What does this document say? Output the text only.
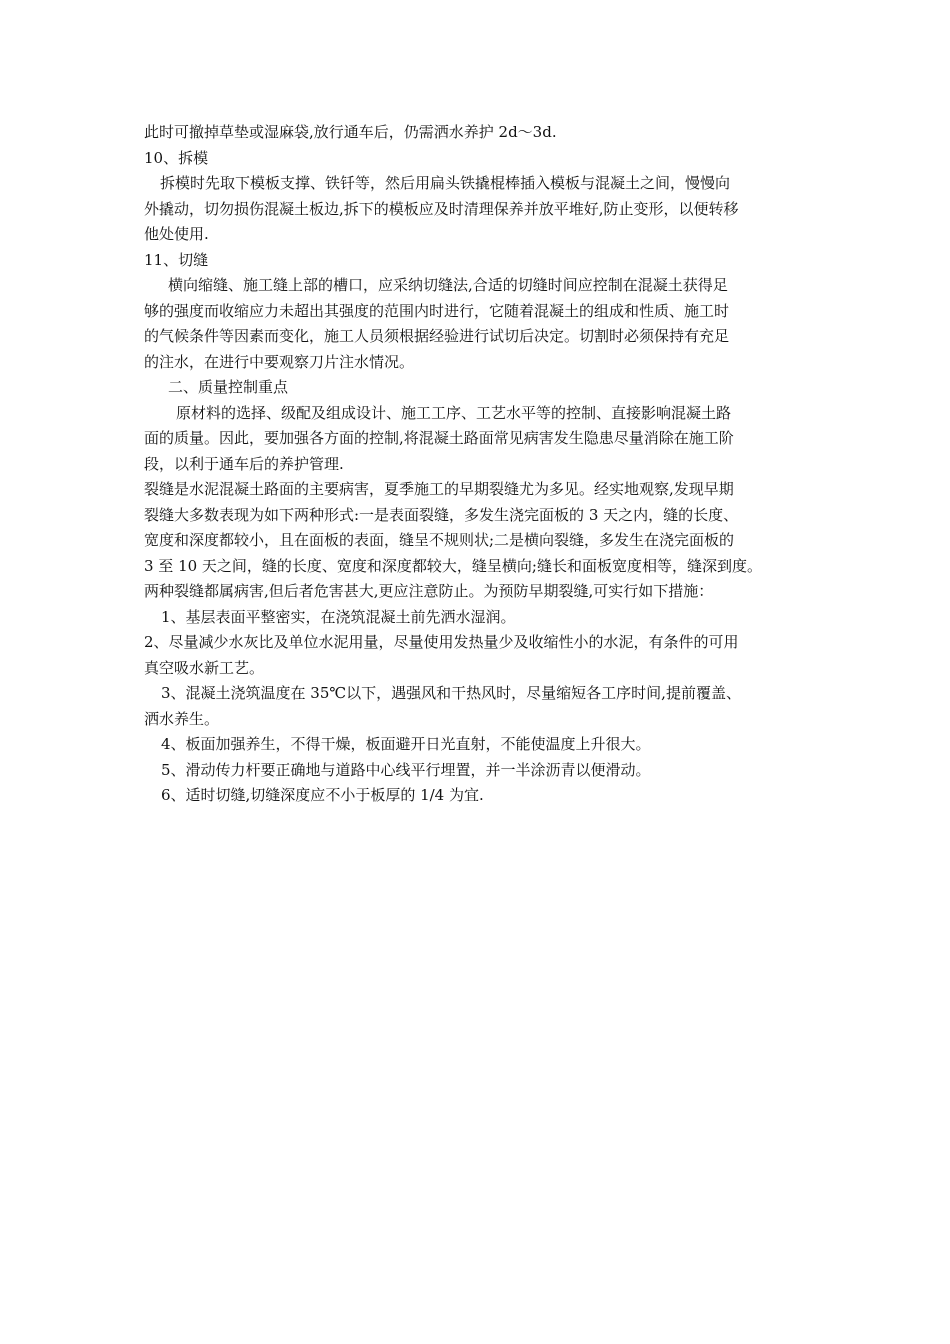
此时可撤掉草垫或湿麻袋,放行通车后，仍需洒水养护 2d～3d.
10、拆模
拆模时先取下模板支撑、铁钎等，然后用扁头铁撬棍棒插入模板与混凝土之间，慢慢向
外撬动，切勿损伤混凝土板边,拆下的模板应及时清理保养并放平堆好,防止变形，以便转移
他处使用.
11、切缝
横向缩缝、施工缝上部的槽口，应采纳切缝法,合适的切缝时间应控制在混凝土获得足
够的强度而收缩应力未超出其强度的范围内时进行，它随着混凝土的组成和性质、施工时
的气候条件等因素而变化，施工人员须根据经验进行试切后决定。切割时必须保持有充足
的注水，在进行中要观察刀片注水情况。
二、质量控制重点
原材料的选择、级配及组成设计、施工工序、工艺水平等的控制、直接影响混凝土路
面的质量。因此，要加强各方面的控制,将混凝土路面常见病害发生隐患尽量消除在施工阶
段，以利于通车后的养护管理.
裂缝是水泥混凝土路面的主要病害，夏季施工的早期裂缝尤为多见。经实地观察,发现早期
裂缝大多数表现为如下两种形式:一是表面裂缝，多发生浇完面板的 3 天之内，缝的长度、
宽度和深度都较小，且在面板的表面，缝呈不规则状;二是横向裂缝，多发生在浇完面板的
3 至 10 天之间，缝的长度、宽度和深度都较大，缝呈横向;缝长和面板宽度相等，缝深到度。
两种裂缝都属病害,但后者危害甚大,更应注意防止。为预防早期裂缝,可实行如下措施：
1、基层表面平整密实，在浇筑混凝土前先洒水湿润。
2、尽量减少水灰比及单位水泥用量，尽量使用发热量少及收缩性小的水泥，有条件的可用
真空吸水新工艺。
3、混凝土浇筑温度在 35℃以下，遇强风和干热风时，尽量缩短各工序时间,提前覆盖、
洒水养生。
4、板面加强养生，不得干燥，板面避开日光直射，不能使温度上升很大。
5、滑动传力杆要正确地与道路中心线平行埋置，并一半涂沥青以便滑动。
6、适时切缝,切缝深度应不小于板厚的 1/4 为宜.
